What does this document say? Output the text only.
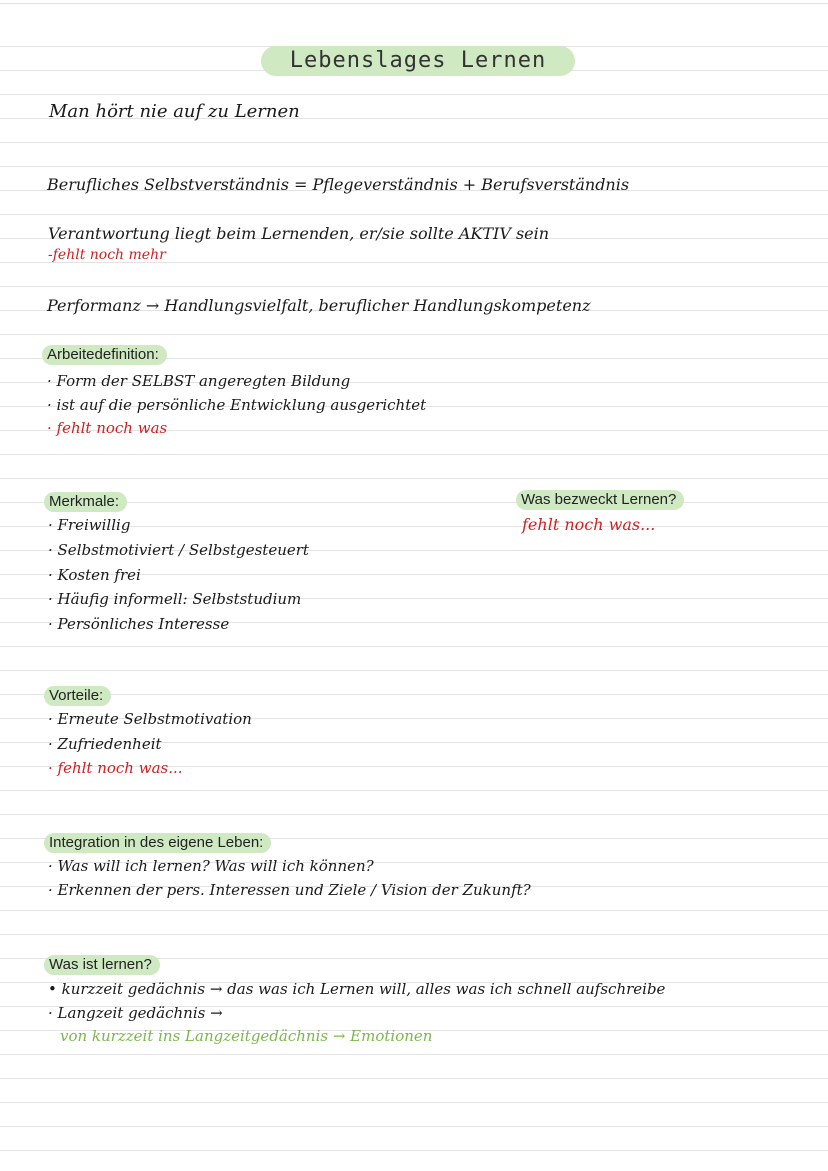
Lebenslages Lernen
Man hört nie auf zu Lernen
Berufliches Selbstverständnis = Pflegeverständnis + Berufsverständnis
Verantwortung liegt beim Lernenden, er/sie sollte AKTIV sein
-fehlt noch mehr
Performanz → Handlungsvielfalt, beruflicher Handlungskompetenz
Arbeitedefinition:
· Form der SELBST angeregten Bildung
· ist auf die persönliche Entwicklung ausgerichtet
· fehlt noch was
Merkmale:
· Freiwillig
· Selbstmotiviert / Selbstgesteuert
· Kosten frei
· Häufig informell: Selbststudium
· Persönliches Interesse
Was bezweckt Lernen?
fehlt noch was...
Vorteile:
· Erneute Selbstmotivation
· Zufriedenheit
· fehlt noch was...
Integration in des eigene Leben:
· Was will ich lernen? Was will ich können?
· Erkennen der pers. Interessen und Ziele / Vision der Zukunft?
Was ist lernen?
• kurzzeit gedächnis → das was ich Lernen will, alles was ich schnell aufschreibe
· Langzeit gedächnis →
von kurzzeit ins Langzeitgedächnis → Emotionen
